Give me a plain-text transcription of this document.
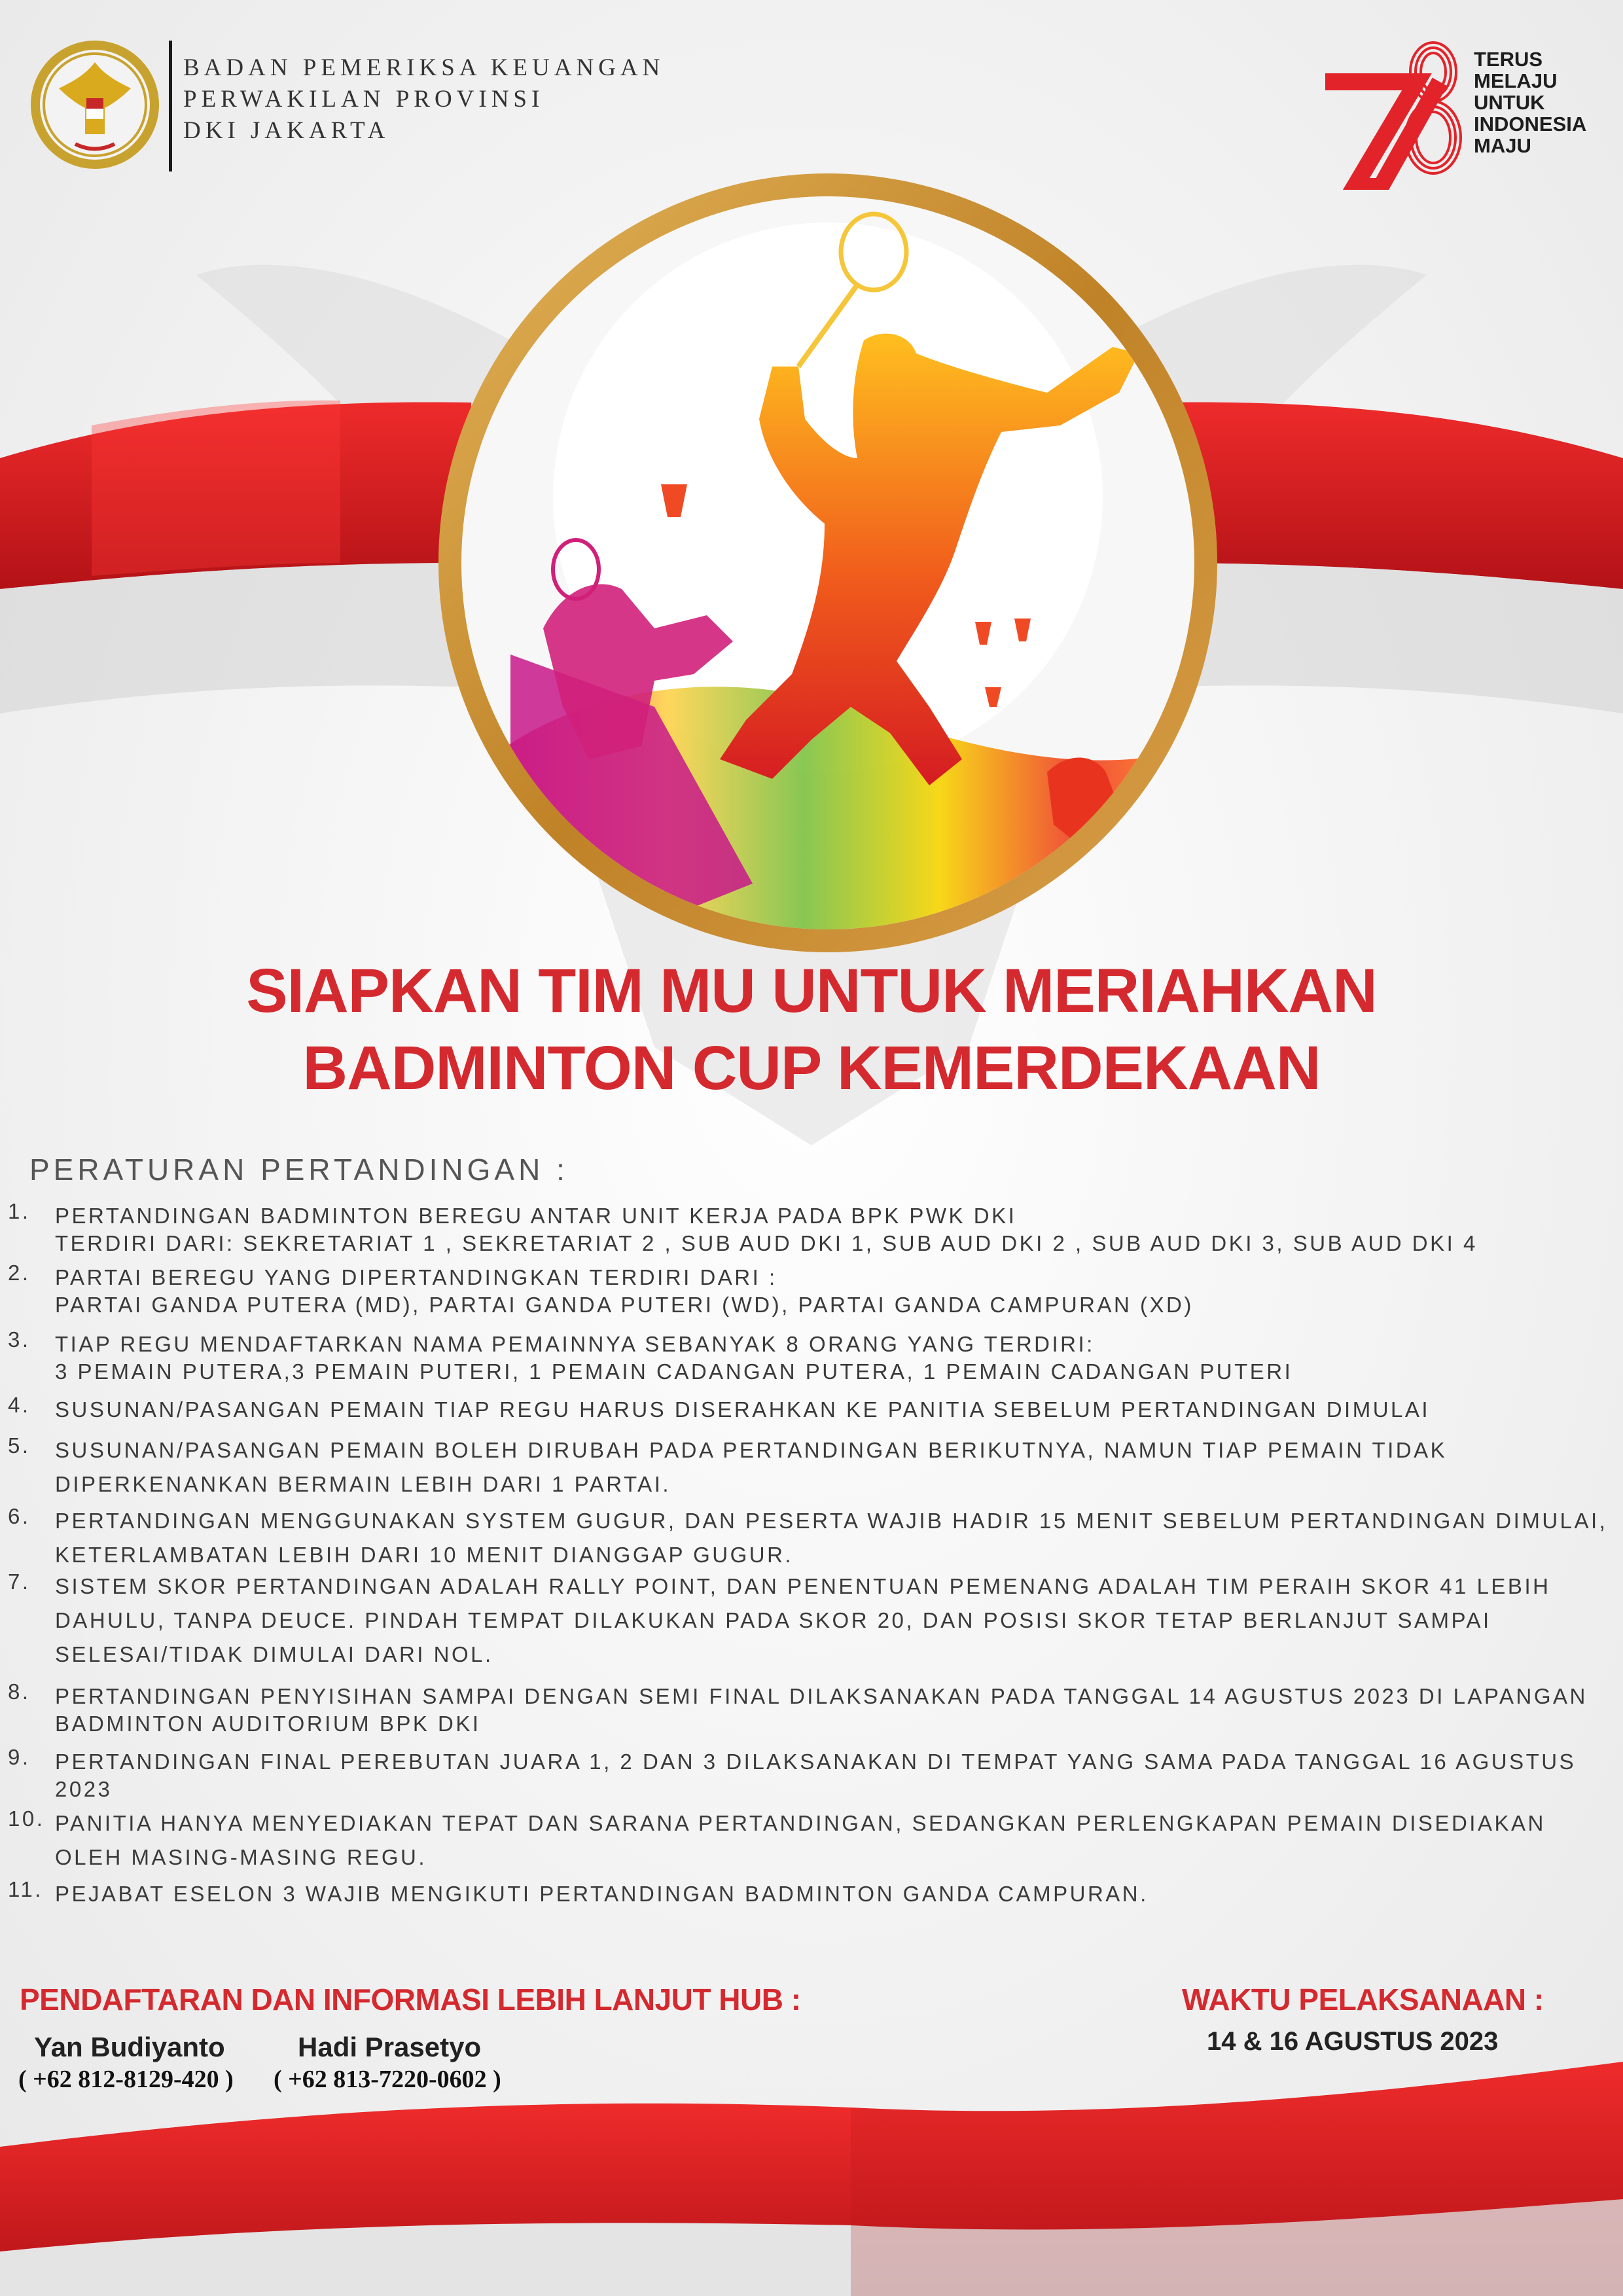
BADAN PEMERIKSA KEUANGAN
PERWAKILAN PROVINSI
DKI JAKARTA
TERUS
MELAJU
UNTUK
INDONESIA
MAJU
SIAPKAN TIM MU UNTUK MERIAHKAN
BADMINTON CUP KEMERDEKAAN
PERATURAN PERTANDINGAN :
1. PERTANDINGAN BADMINTON BEREGU ANTAR UNIT KERJA PADA BPK PWK DKI
TERDIRI DARI: SEKRETARIAT 1 , SEKRETARIAT 2 , SUB AUD DKI 1, SUB AUD DKI 2 , SUB AUD DKI 3, SUB AUD DKI 4
2. PARTAI BEREGU YANG DIPERTANDINGKAN TERDIRI DARI :
PARTAI GANDA PUTERA (MD), PARTAI GANDA PUTERI (WD), PARTAI GANDA CAMPURAN (XD)
3. TIAP REGU MENDAFTARKAN NAMA PEMAINNYA SEBANYAK 8 ORANG YANG TERDIRI:
3 PEMAIN PUTERA,3 PEMAIN PUTERI, 1 PEMAIN CADANGAN PUTERA, 1 PEMAIN CADANGAN PUTERI
4. SUSUNAN/PASANGAN PEMAIN TIAP REGU HARUS DISERAHKAN KE PANITIA SEBELUM PERTANDINGAN DIMULAI
5. SUSUNAN/PASANGAN PEMAIN BOLEH DIRUBAH PADA PERTANDINGAN BERIKUTNYA, NAMUN TIAP PEMAIN TIDAK
DIPERKENANKAN BERMAIN LEBIH DARI 1 PARTAI.
6. PERTANDINGAN MENGGUNAKAN SYSTEM GUGUR, DAN PESERTA WAJIB HADIR 15 MENIT SEBELUM PERTANDINGAN DIMULAI,
KETERLAMBATAN LEBIH DARI 10 MENIT DIANGGAP GUGUR.
7. SISTEM SKOR PERTANDINGAN ADALAH RALLY POINT, DAN PENENTUAN PEMENANG ADALAH TIM PERAIH SKOR 41 LEBIH
DAHULU, TANPA DEUCE. PINDAH TEMPAT DILAKUKAN PADA SKOR 20, DAN POSISI SKOR TETAP BERLANJUT SAMPAI
SELESAI/TIDAK DIMULAI DARI NOL.
8. PERTANDINGAN PENYISIHAN SAMPAI DENGAN SEMI FINAL DILAKSANAKAN PADA TANGGAL 14 AGUSTUS 2023 DI LAPANGAN
BADMINTON AUDITORIUM BPK DKI
9. PERTANDINGAN FINAL PEREBUTAN JUARA 1, 2 DAN 3 DILAKSANAKAN DI TEMPAT YANG SAMA PADA TANGGAL 16 AGUSTUS
2023
10. PANITIA HANYA MENYEDIAKAN TEPAT DAN SARANA PERTANDINGAN, SEDANGKAN PERLENGKAPAN PEMAIN DISEDIAKAN
OLEH MASING-MASING REGU.
11. PEJABAT ESELON 3 WAJIB MENGIKUTI PERTANDINGAN BADMINTON GANDA CAMPURAN.
PENDAFTARAN DAN INFORMASI LEBIH LANJUT HUB :
Yan Budiyanto
( +62 812-8129-420 )
Hadi Prasetyo
( +62 813-7220-0602 )
WAKTU PELAKSANAAN :
14 & 16 AGUSTUS 2023
